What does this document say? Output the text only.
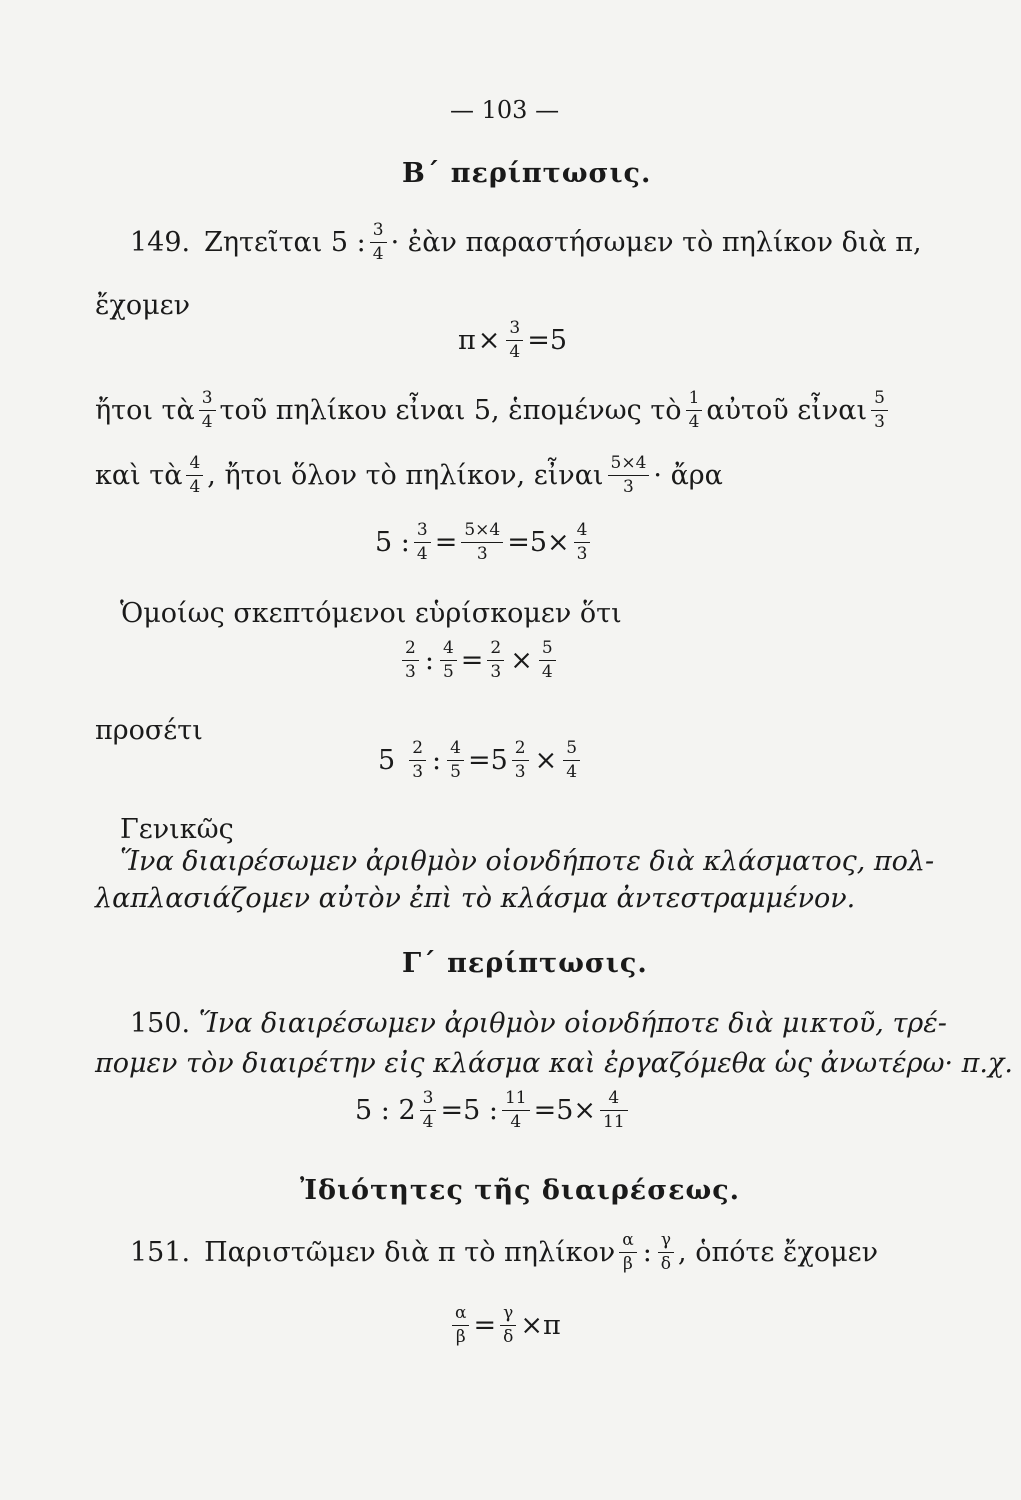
— 103 —
Β΄ περίπτωσις.
149. Ζητεῖται 5 : 3
4 · ἐὰν παραστήσωμεν τὸ πηλίκον διὰ π,
ἔχομεν
$\pi \times \frac{3}{4} =5$
ἤτοι τὰ 3
4 τοῦ πηλίκου εἶναι 5, ἑπομένως τὸ 1
4 αὐτοῦ εἶναι 5
3
καὶ τὰ 4
4 , ἤτοι ὅλον τὸ πηλίκον, εἶναι 5×4
3 · ἄρα
5 : $\frac{3}{4} = \frac{5\times 4}{3} =5\times \frac{4}{3}$
Ὁμοίως σκεπτόμενοι εὑρίσκομεν ὅτι
2
3 : $\frac{4}{5} = \frac{2}{3} \times \frac{5}{4}$
προσέτι
5 2
3 : $\frac{4}{5} =5 \frac{2}{3} \times \frac{5}{4}$
Γενικῶς
Ἵνα διαιρέσωμεν ἀριθμὸν οἱονδήποτε διὰ κλάσματος, πολ-
λαπλασιάζομεν αὐτὸν ἐπὶ τὸ κλάσμα ἀντεστραμμένον.
Γ΄ περίπτωσις.
150. Ἵνα διαιρέσωμεν ἀριθμὸν οἱονδήποτε διὰ μικτοῦ, τρέ-
πομεν τὸν διαιρέτην εἰς κλάσμα καὶ ἐργαζόμεθα ὡς ἀνωτέρω· π.χ.
5 : $2 \frac{3}{4} =5$ : $\frac{11}{4} =5\times \frac{4}{11}$
Ἰδιότητες τῆς διαιρέσεως.
151. Παριστῶμεν διὰ π τὸ πηλίκον α
β : γ
δ , ὁπότε ἔχομεν
$\frac{\alpha}{\beta} = \frac{\gamma}{\delta} \times\pi$
